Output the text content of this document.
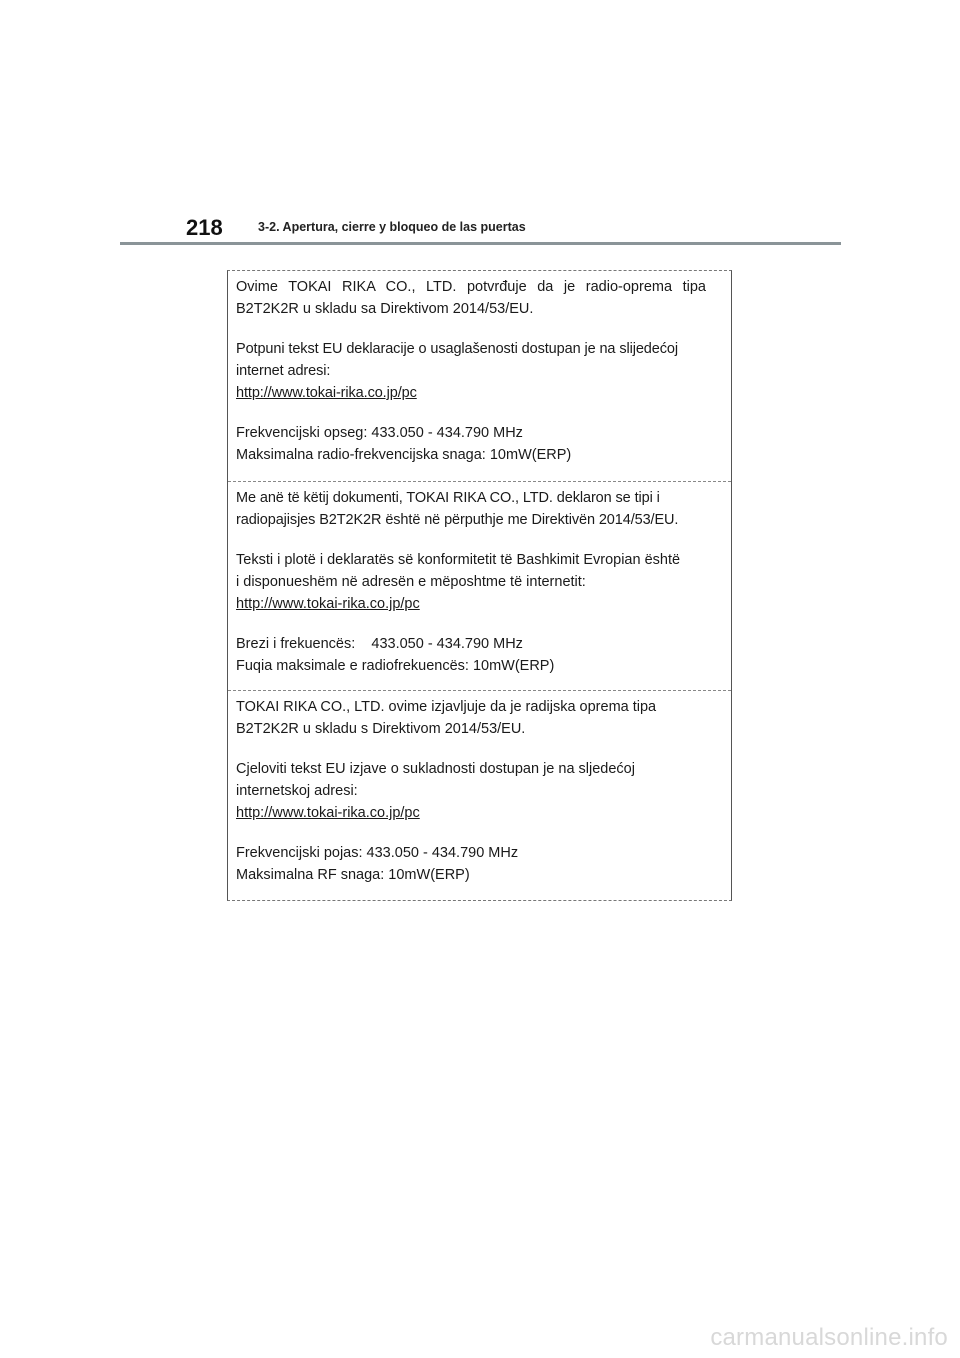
218	3-2. Apertura, cierre y bloqueo de las puertas

Ovime TOKAI RIKA CO., LTD. potvrđuje da je radio-oprema tipa
B2T2K2R u skladu sa Direktivom 2014/53/EU.

Potpuni tekst EU deklaracije o usaglašenosti dostupan je na slijedećoj
internet adresi:
http://www.tokai-rika.co.jp/pc

Frekvencijski opseg: 433.050 - 434.790 MHz
Maksimalna radio-frekvencijska snaga: 10mW(ERP)

Me anë të këtij dokumenti, TOKAI RIKA CO., LTD. deklaron se tipi i
radiopajisjes B2T2K2R është në përputhje me Direktivën 2014/53/EU.

Teksti i plotë i deklaratës së konformitetit të Bashkimit Evropian është
i disponueshëm në adresën e mëposhtme të internetit:
http://www.tokai-rika.co.jp/pc

Brezi i frekuencës:    433.050 - 434.790 MHz
Fuqia maksimale e radiofrekuencës: 10mW(ERP)

TOKAI RIKA CO., LTD. ovime izjavljuje da je radijska oprema tipa
B2T2K2R u skladu s Direktivom 2014/53/EU.

Cjeloviti tekst EU izjave o sukladnosti dostupan je na sljedećoj
internetskoj adresi:
http://www.tokai-rika.co.jp/pc

Frekvencijski pojas: 433.050 - 434.790 MHz
Maksimalna RF snaga: 10mW(ERP)

carmanualsonline.info
